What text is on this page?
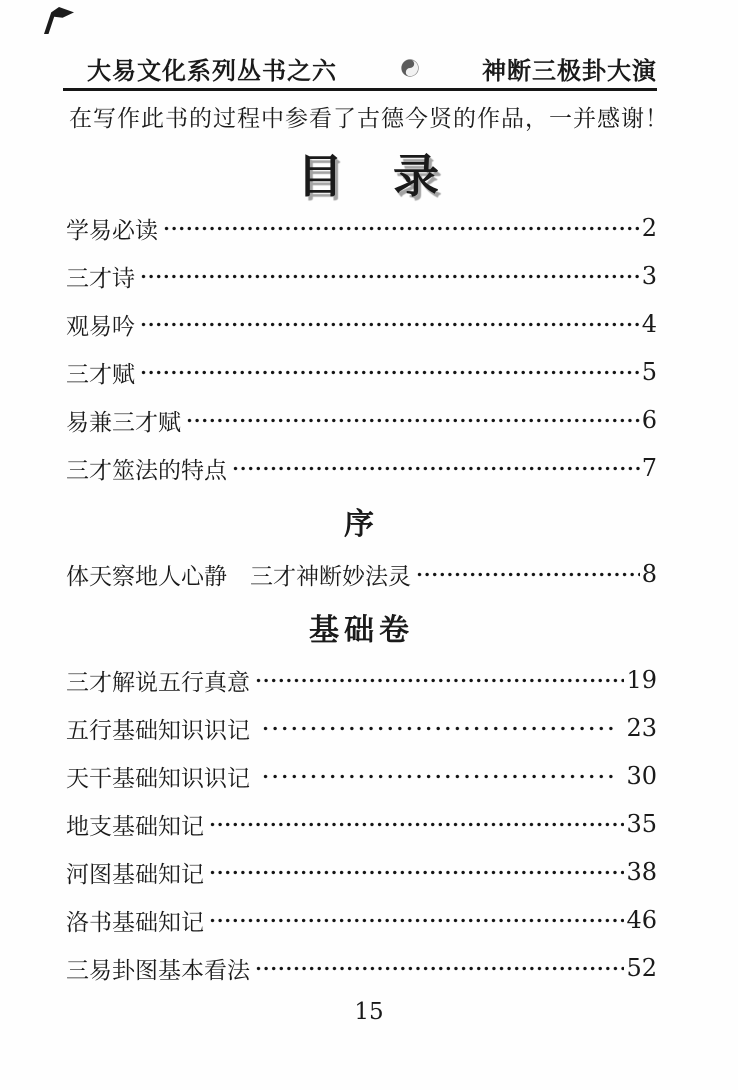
大易文化系列丛书之六	神断三极卦大演
在写作此书的过程中参看了古德今贤的作品，一并感谢！
目　录
学易必读	2
三才诗	3
观易吟	4
三才赋	5
易兼三才赋	6
三才筮法的特点	7
序
体天察地人心静　三才神断妙法灵	8
基础卷
三才解说五行真意	19
五行基础知识识记	23
天干基础知识识记	30
地支基础知记	35
河图基础知记	38
洛书基础知记	46
三易卦图基本看法	52
15
